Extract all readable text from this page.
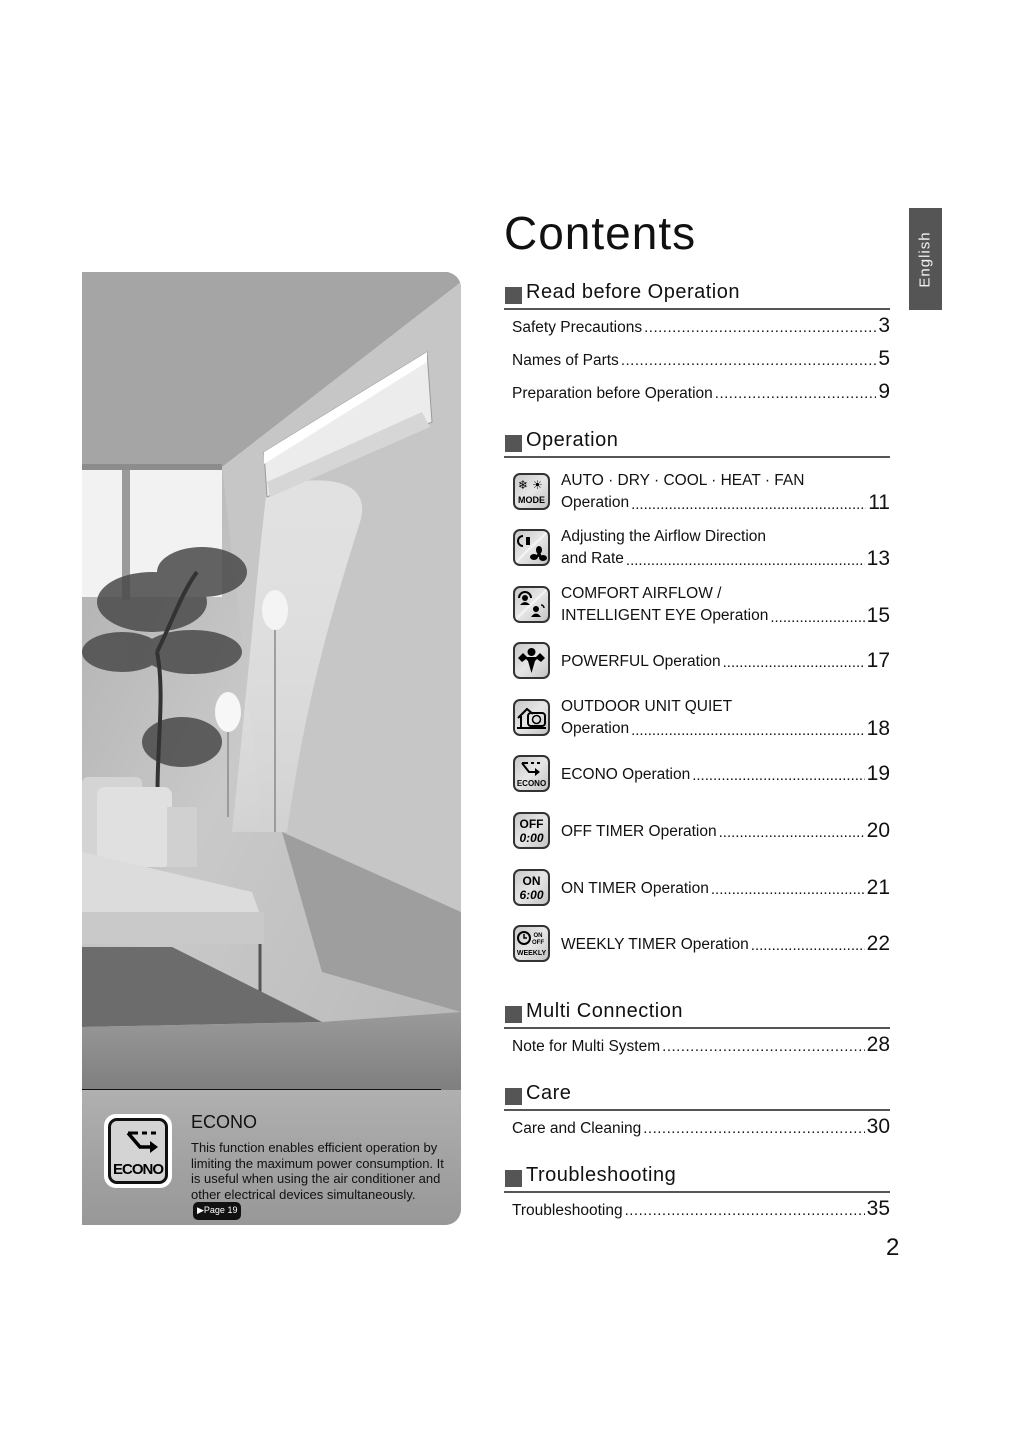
English
ECONO
ECONO
This function enables efficient operation by limiting the maximum power consumption. It is useful when using the air conditioner and other electrical devices simultaneously. ▶Page 19
Contents
Read before Operation
Safety Precautions .....	3
Names of Parts .....	5
Preparation before Operation .....	9
Operation
❄ ☀
MODE
AUTO · DRY · COOL · HEAT · FAN
Operation .....	11
Adjusting the Airflow Direction
and Rate .....	13
COMFORT AIRFLOW /
INTELLIGENT EYE Operation .....	15
POWERFUL Operation .....	17
OUTDOOR UNIT QUIET
Operation .....	18
ECONO
ECONO Operation .....	19
OFF
0:00 OFF TIMER Operation .....	20
ON
6:00 ON TIMER Operation .....	21
ON
OFF
WEEKLY
WEEKLY TIMER Operation .....	22
Multi Connection
Note for Multi System .....	28
Care
Care and Cleaning .....	30
Troubleshooting
Troubleshooting .....	35
2
